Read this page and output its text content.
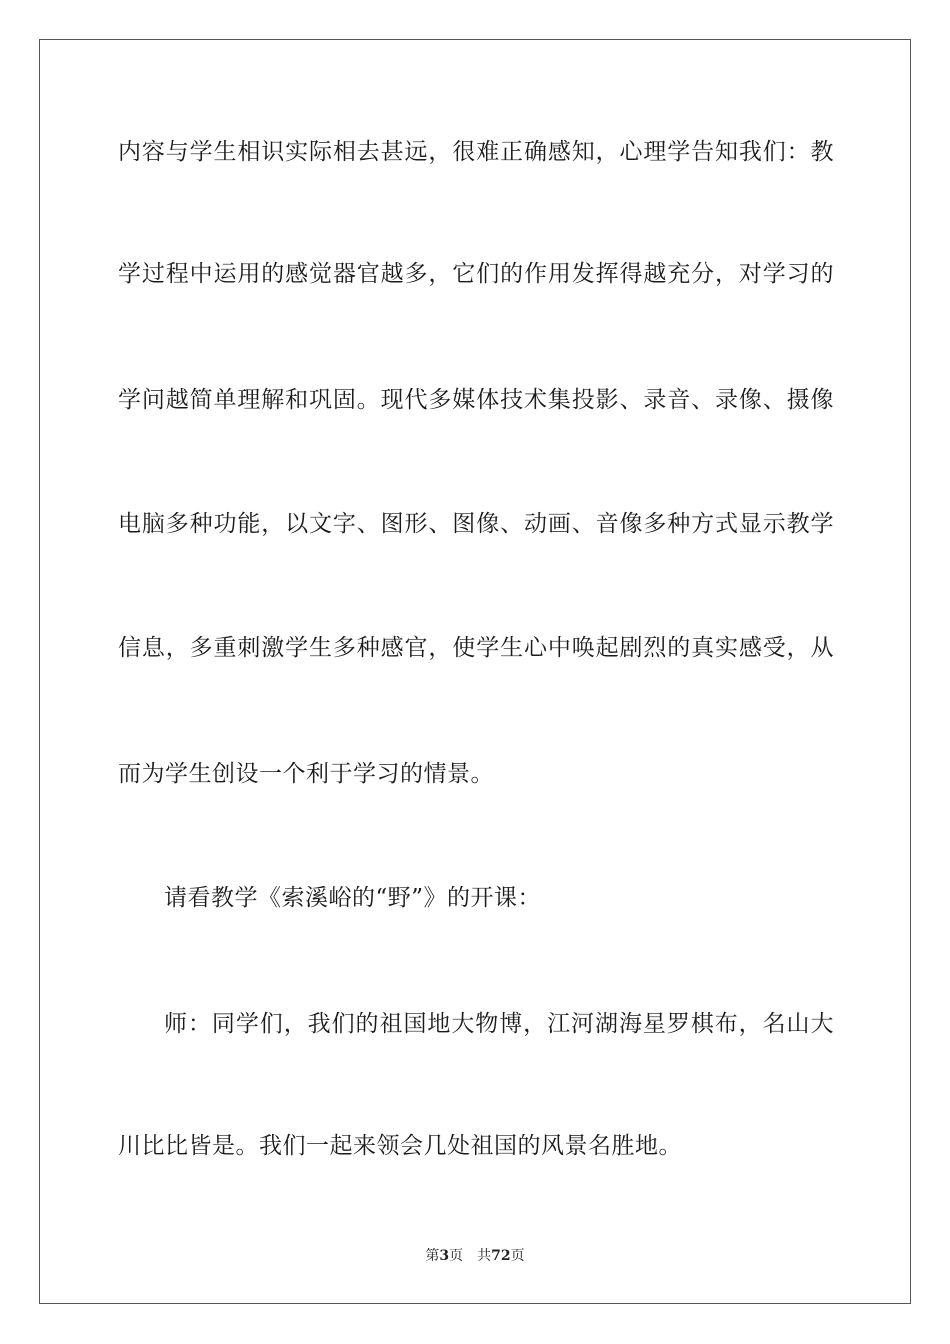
内容与学生相识实际相去甚远，很难正确感知，心理学告知我们：教
学过程中运用的感觉器官越多，它们的作用发挥得越充分，对学习的
学问越简单理解和巩固。现代多媒体技术集投影、录音、录像、摄像
电脑多种功能，以文字、图形、图像、动画、音像多种方式显示教学
信息，多重刺激学生多种感官，使学生心中唤起剧烈的真实感受，从
而为学生创设一个利于学习的情景。
请看教学《索溪峪的“野”》的开课：
师：同学们，我们的祖国地大物博，江河湖海星罗棋布，名山大
川比比皆是。我们一起来领会几处祖国的风景名胜地。
第3页 共72页
